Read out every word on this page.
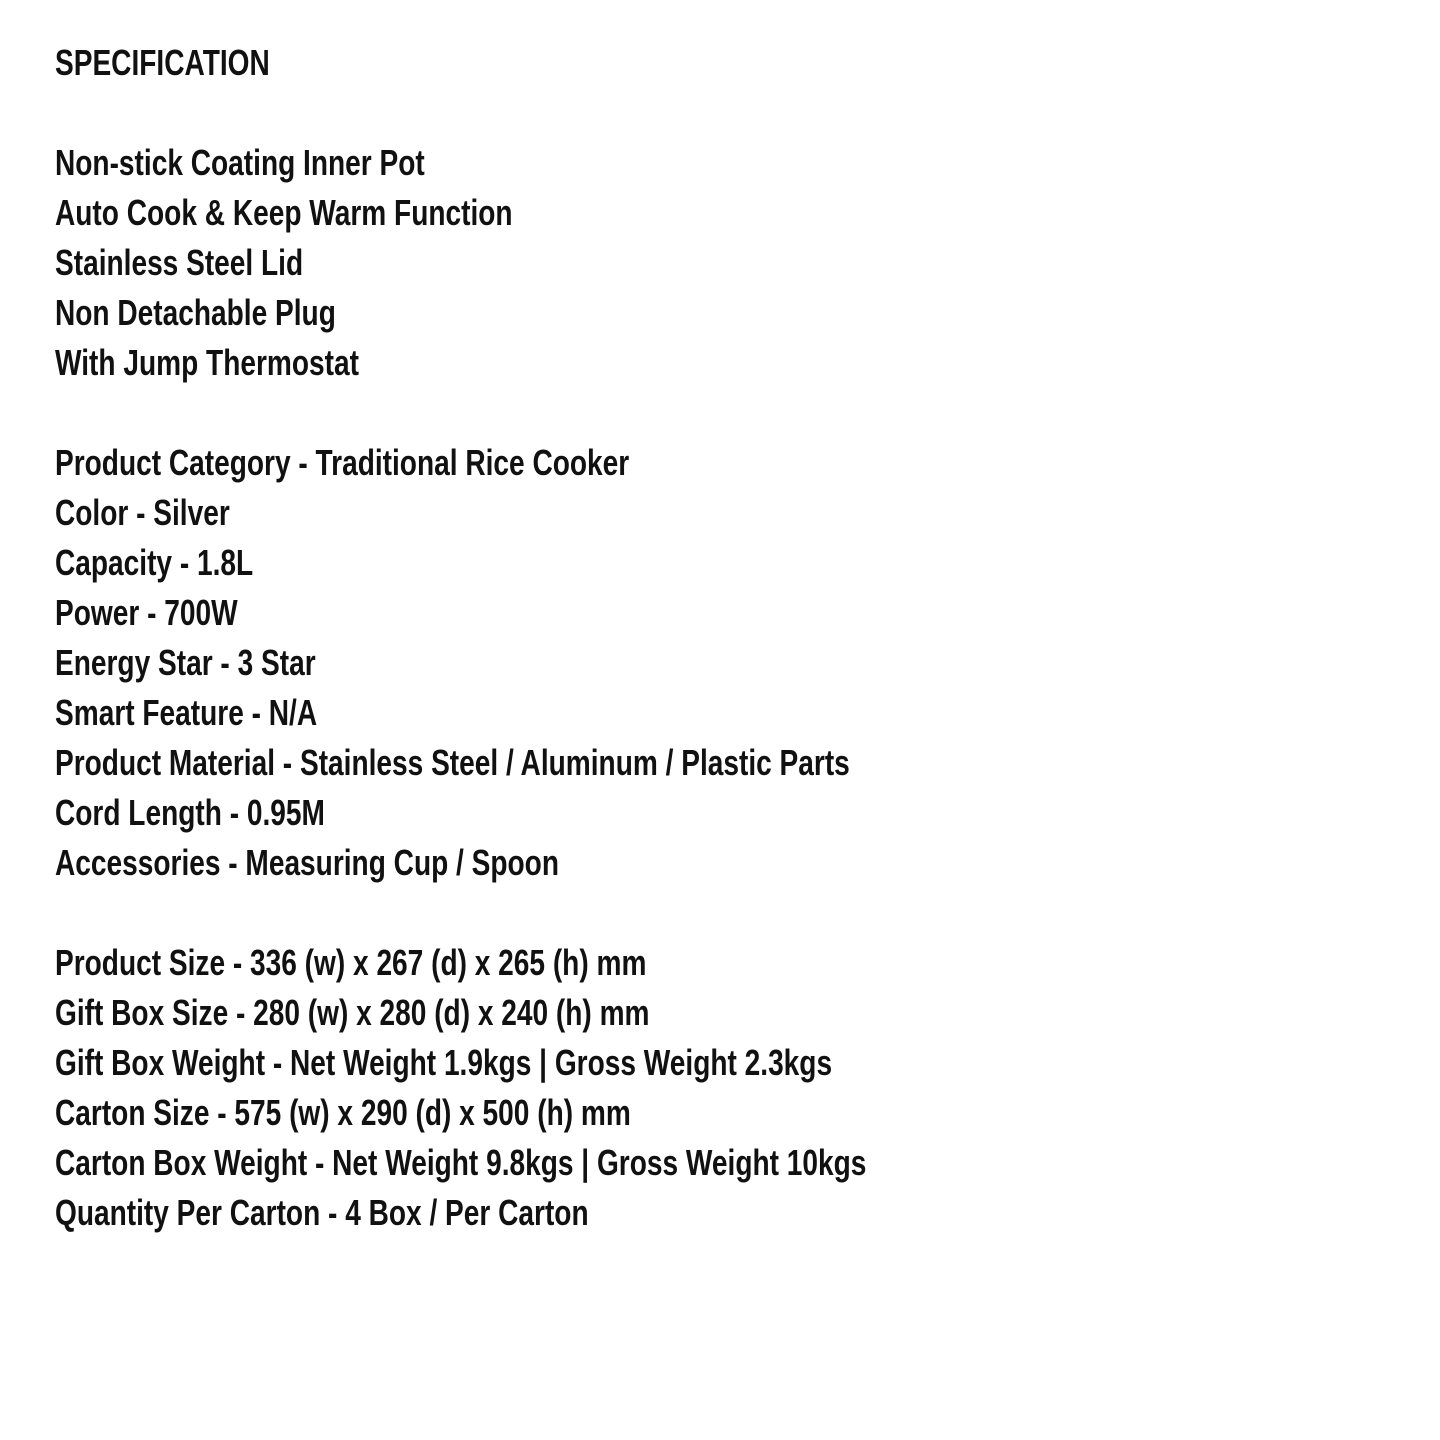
SPECIFICATION
Non-stick Coating Inner Pot
Auto Cook & Keep Warm Function
Stainless Steel Lid
Non Detachable Plug
With Jump Thermostat
Product Category - Traditional Rice Cooker
Color - Silver
Capacity - 1.8L
Power - 700W
Energy Star - 3 Star
Smart Feature - N/A
Product Material - Stainless Steel / Aluminum / Plastic Parts
Cord Length - 0.95M
Accessories - Measuring Cup / Spoon
Product Size - 336 (w) x 267 (d) x 265 (h) mm
Gift Box Size - 280 (w) x 280 (d) x 240 (h) mm
Gift Box Weight - Net Weight 1.9kgs | Gross Weight 2.3kgs
Carton Size - 575 (w) x 290 (d) x 500 (h) mm
Carton Box Weight - Net Weight 9.8kgs | Gross Weight 10kgs
Quantity Per Carton - 4 Box / Per Carton
